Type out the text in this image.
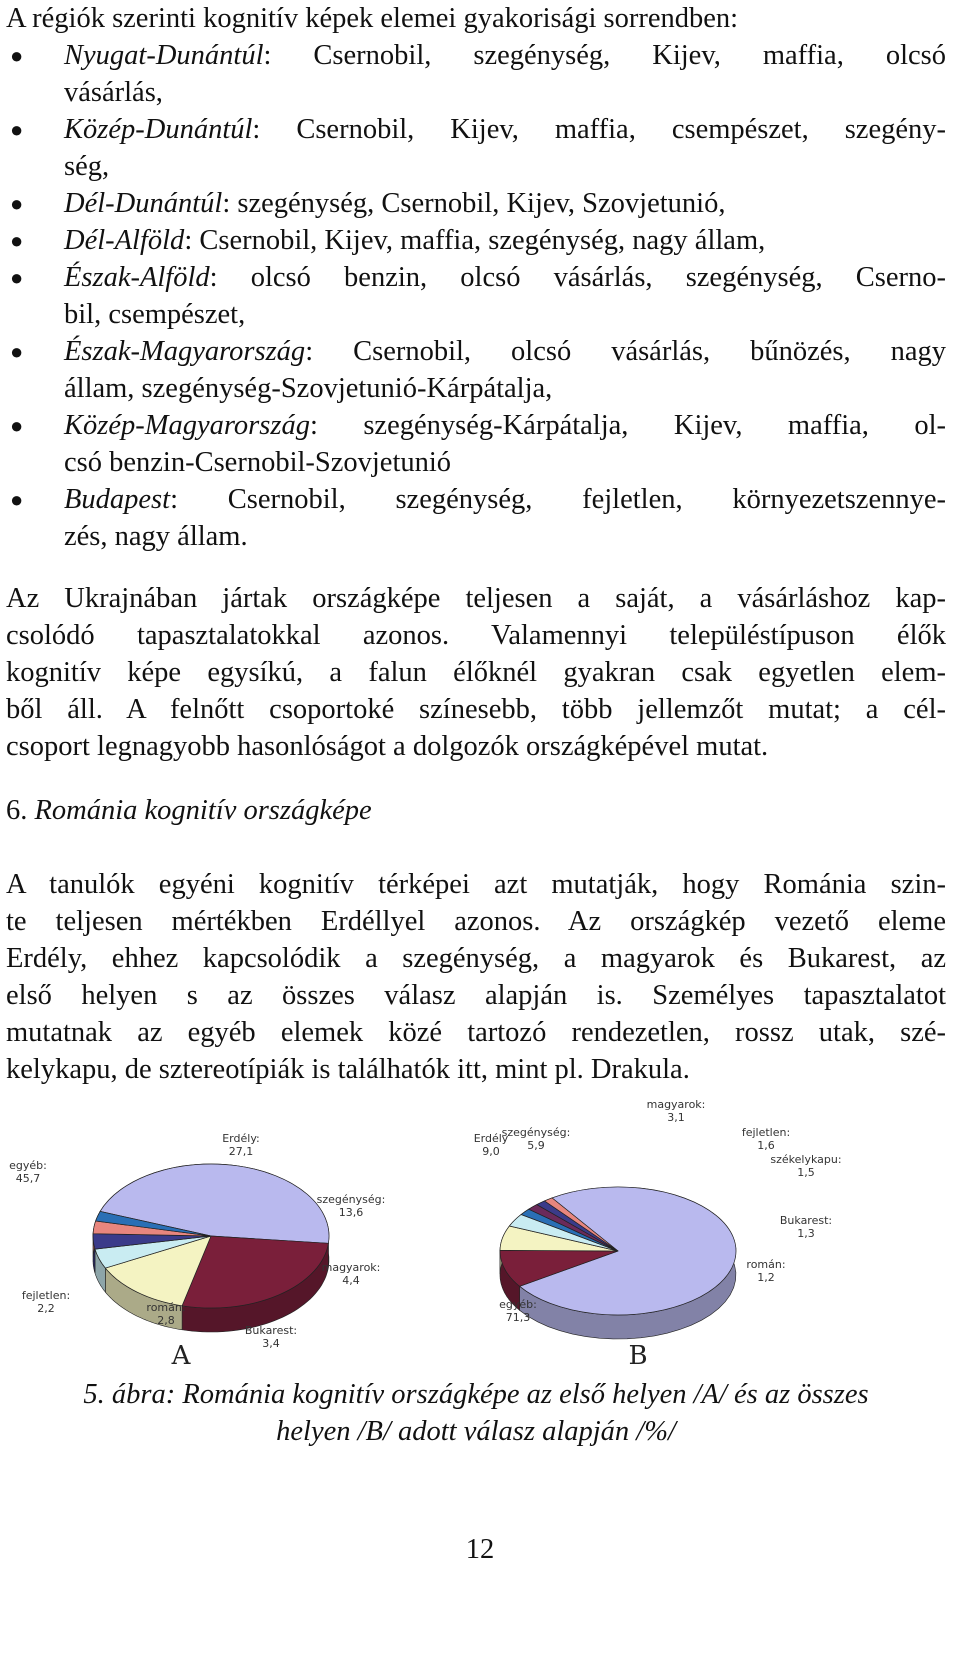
A régiók szerinti kognitív képek elemei gyakorisági sorrendben:
● Nyugat-Dunántúl: Csernobil, szegénység, Kijev, maffia, olcsó
vásárlás,
● Közép-Dunántúl: Csernobil, Kijev, maffia, csempészet, szegény-
ség,
● Dél-Dunántúl: szegénység, Csernobil, Kijev, Szovjetunió,
● Dél-Alföld: Csernobil, Kijev, maffia, szegénység, nagy állam,
● Észak-Alföld: olcsó benzin, olcsó vásárlás, szegénység, Cserno-
bil, csempészet,
● Észak-Magyarország: Csernobil, olcsó vásárlás, bűnözés, nagy
állam, szegénység-Szovjetunió-Kárpátalja,
● Közép-Magyarország: szegénység-Kárpátalja, Kijev, maffia, ol-
csó benzin-Csernobil-Szovjetunió
● Budapest: Csernobil, szegénység, fejletlen, környezetszennye-
zés, nagy állam.
Az Ukrajnában jártak országképe teljesen a saját, a vásárláshoz kap-
csolódó tapasztalatokkal azonos. Valamennyi településtípuson élők
kognitív képe egysíkú, a falun élőknél gyakran csak egyetlen elem-
ből áll. A felnőtt csoportoké színesebb, több jellemzőt mutat; a cél-
csoport legnagyobb hasonlóságot a dolgozók országképével mutat.
6. Románia kognitív országképe
A tanulók egyéni kognitív térképei azt mutatják, hogy Románia szin-
te teljesen mértékben Erdéllyel azonos. Az országkép vezető eleme
Erdély, ehhez kapcsolódik a szegénység, a magyarok és Bukarest, az
első helyen s az összes válasz alapján is. Személyes tapasztalatot
mutatnak az egyéb elemek közé tartozó rendezetlen, rossz utak, szé-
kelykapu, de sztereotípiák is találhatók itt, mint pl. Drakula.
egyéb:
45,7
Erdély:
27,1
szegénység:
13,6
magyarok:
4,4
Bukarest:
3,4
román:
2,8
fejletlen:
2,2
A
egyéb:
71,3
Erdély
9,0
szegénység:
5,9
magyarok:
3,1
fejletlen:
1,6
székelykapu:
1,5
Bukarest:
1,3
román:
1,2
B
5. ábra: Románia kognitív országképe az első helyen /A/ és az összes
helyen /B/ adott válasz alapján /%/
12
